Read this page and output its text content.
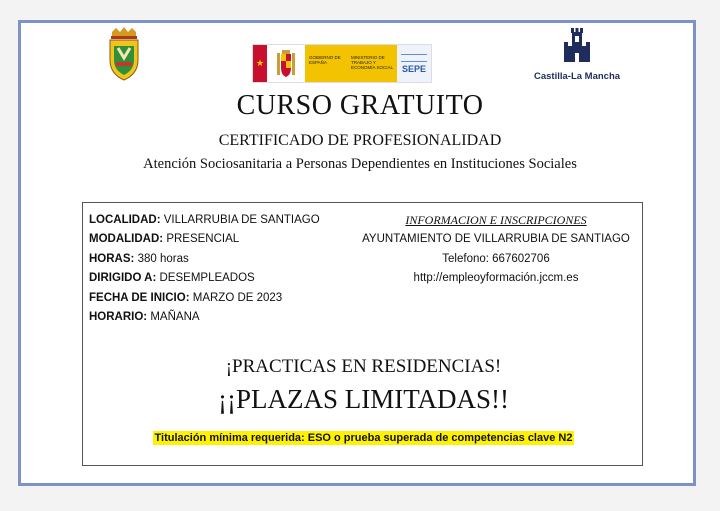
★
GOBIERNO DE ESPAÑAMINISTERIO DE TRABAJO Y ECONOMÍA SOCIAL SEPE
Castilla-La Mancha
CURSO GRATUITO
CERTIFICADO DE PROFESIONALIDAD
Atención Sociosanitaria a Personas Dependientes en Instituciones Sociales
LOCALIDAD: VILLARRUBIA DE SANTIAGO
MODALIDAD: PRESENCIAL
HORAS: 380 horas
DIRIGIDO A: DESEMPLEADOS
FECHA DE INICIO: MARZO DE 2023
HORARIO: MAÑANA
INFORMACION E INSCRIPCIONES
AYUNTAMIENTO DE VILLARRUBIA DE SANTIAGO
Telefono: 667602706
http://empleoyformación.jccm.es
¡PRACTICAS EN RESIDENCIAS!
¡¡PLAZAS LIMITADAS!!
Titulación mínima requerida: ESO o prueba superada de competencias clave N2
